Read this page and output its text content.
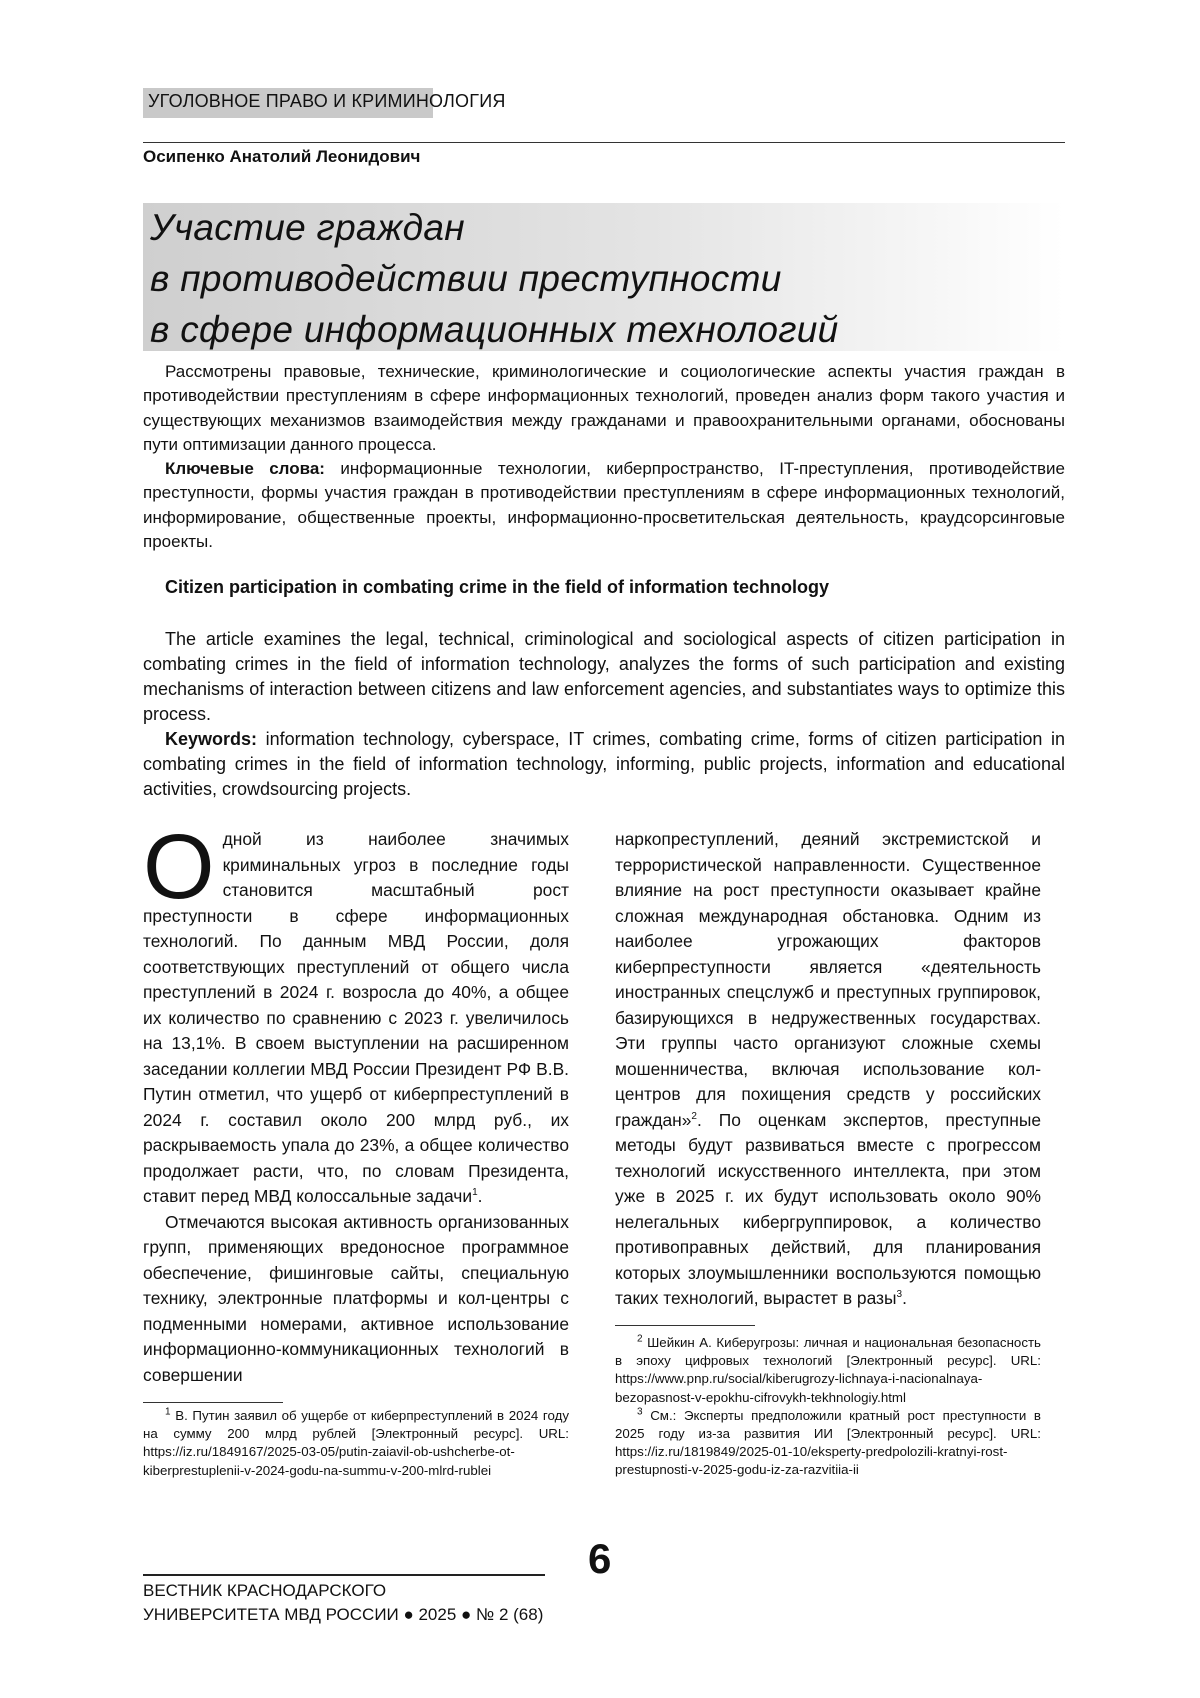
УГОЛОВНОЕ ПРАВО И КРИМИНОЛОГИЯ
Осипенко Анатолий Леонидович
Участие граждан
в противодействии преступности
в сфере информационных технологий

Рассмотрены правовые, технические, криминологические и социологические аспекты участия граждан в противодействии преступлениям в сфере информационных технологий, проведен анализ форм такого участия и существующих механизмов взаимодействия между гражданами и правоохранительными органами, обоснованы пути оптимизации данного процесса.

Ключевые слова: информационные технологии, киберпространство, IT-преступления, противодействие преступности, формы участия граждан в противодействии преступлениям в сфере информационных технологий, информирование, общественные проекты, информационно-просветительская деятельность, краудсорсинговые проекты.

Citizen participation in combating crime in the field of information technology

The article examines the legal, technical, criminological and sociological aspects of citizen participation in combating crimes in the field of information technology, analyzes the forms of such participation and existing mechanisms of interaction between citizens and law enforcement agencies, and substantiates ways to optimize this process.

Keywords: information technology, cyberspace, IT crimes, combating crime, forms of citizen participation in combating crimes in the field of information technology, informing, public projects, information and educational activities, crowdsourcing projects.

Одной из наиболее значимых криминальных угроз в последние годы становится масштабный рост преступности в сфере информационных технологий. По данным МВД России, доля соответствующих преступлений от общего числа преступлений в 2024 г. возросла до 40%, а общее их количество по сравнению с 2023 г. увеличилось на 13,1%. В своем выступлении на расширенном заседании коллегии МВД России Президент РФ В.В. Путин отметил, что ущерб от киберпреступлений в 2024 г. составил около 200 млрд руб., их раскрываемость упала до 23%, а общее количество продолжает расти, что, по словам Президента, ставит перед МВД колоссальные задачи$^1$.

Отмечаются высокая активность организованных групп, применяющих вредоносное программное обеспечение, фишинговые сайты, специальную технику, электронные платформы и кол-центры с подменными номерами, активное использование информационно-коммуникационных технологий в совершении

наркопреступлений, деяний экстремистской и террористической направленности. Существенное влияние на рост преступности оказывает крайне сложная международная обстановка. Одним из наиболее угрожающих факторов киберпреступности является «деятельность иностранных спецслужб и преступных группировок, базирующихся в недружественных государствах. Эти группы часто организуют сложные схемы мошенничества, включая использование кол-центров для похищения средств у российских граждан»$^2$. По оценкам экспертов, преступные методы будут развиваться вместе с прогрессом технологий искусственного интеллекта, при этом уже в 2025 г. их будут использовать около 90% нелегальных кибергруппировок, а количество противоправных действий, для планирования которых злоумышленники воспользуются помощью таких технологий, вырастет в разы$^3$.

$^1$ В. Путин заявил об ущербе от киберпреступлений в 2024 году на сумму 200 млрд рублей [Электронный ресурс]. URL: https://iz.ru/1849167/2025-03-05/putin-zaiavil-ob-ushcherbe-ot-kiberprestuplenii-v-2024-godu-na-summu-v-200-mlrd-rublei

$^2$ Шейкин А. Киберугрозы: личная и национальная безопасность в эпоху цифровых технологий [Электронный ресурс]. URL: https://www.pnp.ru/social/kiberugrozy-lichnaya-i-nacionalnaya-bezopasnost-v-epokhu-cifrovykh-tekhnologiy.html

$^3$ См.: Эксперты предположили кратный рост преступности в 2025 году из-за развития ИИ [Электронный ресурс]. URL: https://iz.ru/1819849/2025-01-10/eksperty-predpolozili-kratnyi-rost-prestupnosti-v-2025-godu-iz-za-razvitiia-ii

6
ВЕСТНИК КРАСНОДАРСКОГО
УНИВЕРСИТЕТА МВД РОССИИ ● 2025 ● № 2 (68)
